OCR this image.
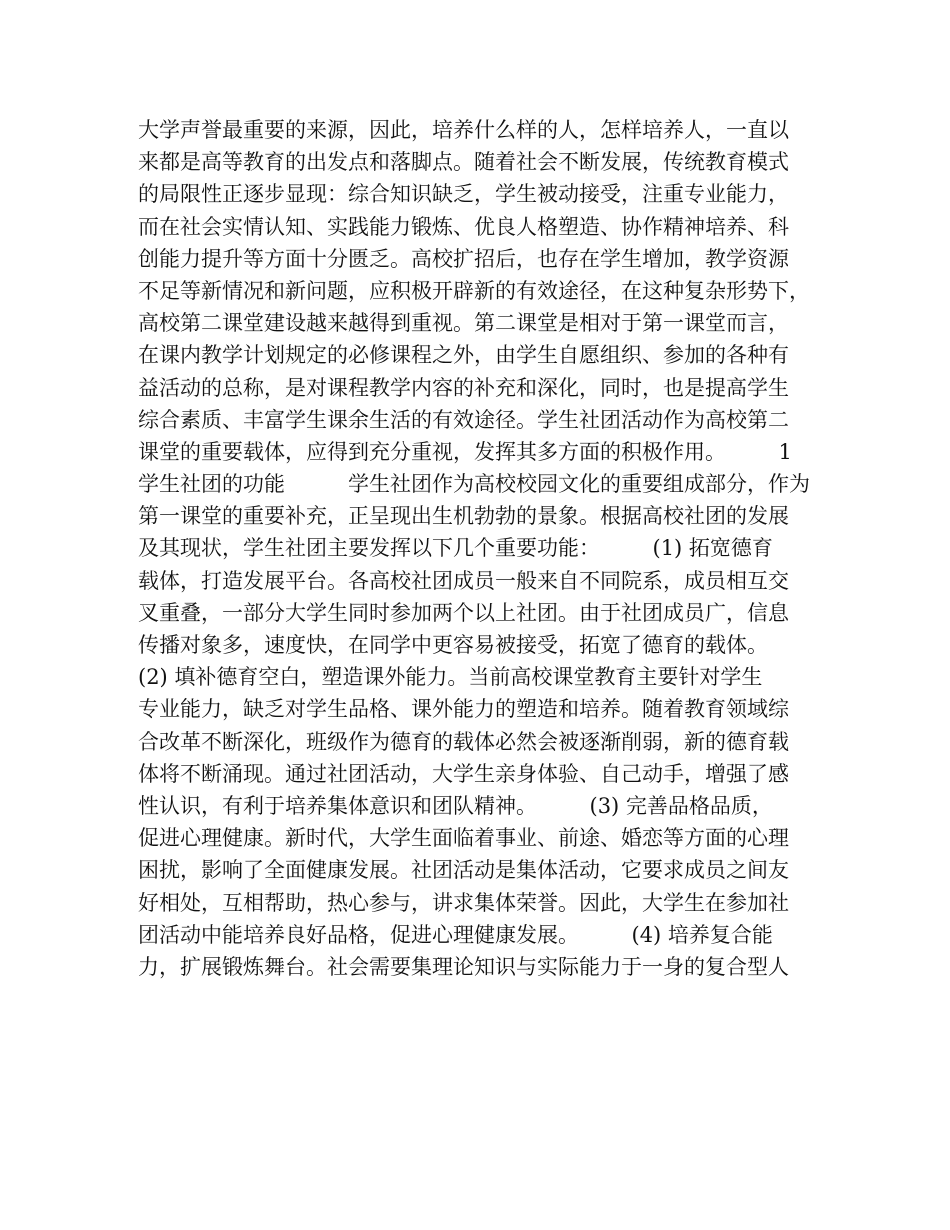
大学声誉最重要的来源，因此，培养什么样的人，怎样培养人，一直以
来都是高等教育的出发点和落脚点。随着社会不断发展，传统教育模式
的局限性正逐步显现：综合知识缺乏，学生被动接受，注重专业能力，
而在社会实情认知、实践能力锻炼、优良人格塑造、协作精神培养、科
创能力提升等方面十分匮乏。高校扩招后，也存在学生增加，教学资源
不足等新情况和新问题，应积极开辟新的有效途径，在这种复杂形势下，
高校第二课堂建设越来越得到重视。第二课堂是相对于第一课堂而言，
在课内教学计划规定的必修课程之外，由学生自愿组织、参加的各种有
益活动的总称，是对课程教学内容的补充和深化，同时，也是提高学生
综合素质、丰富学生课余生活的有效途径。学生社团活动作为高校第二
课堂的重要载体，应得到充分重视，发挥其多方面的积极作用。　　　1
学生社团的功能　　　学生社团作为高校校园文化的重要组成部分，作为
第一课堂的重要补充，正呈现出生机勃勃的景象。根据高校社团的发展
及其现状，学生社团主要发挥以下几个重要功能：　　　(1) 拓宽德育
载体，打造发展平台。各高校社团成员一般来自不同院系，成员相互交
叉重叠，一部分大学生同时参加两个以上社团。由于社团成员广，信息
传播对象多，速度快，在同学中更容易被接受，拓宽了德育的载体。
(2) 填补德育空白，塑造课外能力。当前高校课堂教育主要针对学生
专业能力，缺乏对学生品格、课外能力的塑造和培养。随着教育领域综
合改革不断深化，班级作为德育的载体必然会被逐渐削弱，新的德育载
体将不断涌现。通过社团活动，大学生亲身体验、自己动手，增强了感
性认识，有利于培养集体意识和团队精神。　　　(3) 完善品格品质，
促进心理健康。新时代，大学生面临着事业、前途、婚恋等方面的心理
困扰，影响了全面健康发展。社团活动是集体活动，它要求成员之间友
好相处，互相帮助，热心参与，讲求集体荣誉。因此，大学生在参加社
团活动中能培养良好品格，促进心理健康发展。　　　(4) 培养复合能
力，扩展锻炼舞台。社会需要集理论知识与实际能力于一身的复合型人
